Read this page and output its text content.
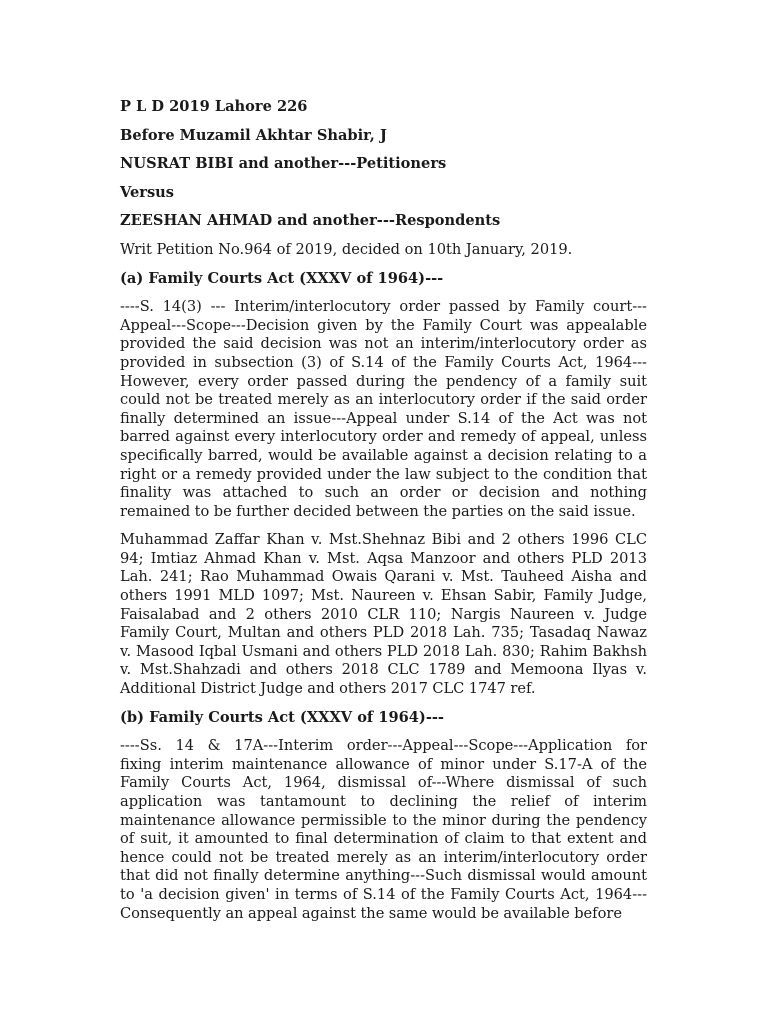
P L D 2019 Lahore 226
Before Muzamil Akhtar Shabir, J
NUSRAT BIBI and another---Petitioners
Versus
ZEESHAN AHMAD and another---Respondents
Writ Petition No.964 of 2019, decided on 10th January, 2019.
(a) Family Courts Act (XXXV of 1964)---

----S. 14(3) --- Interim/interlocutory order passed by Family court---Appeal---Scope---Decision given by the Family Court was appealable provided the said decision was not an interim/interlocutory order as provided in subsection (3) of S.14 of the Family Courts Act, 1964---However, every order passed during the pendency of a family suit could not be treated merely as an interlocutory order if the said order finally determined an issue---Appeal under S.14 of the Act was not barred against every interlocutory order and remedy of appeal, unless specifically barred, would be available against a decision relating to a right or a remedy provided under the law subject to the condition that finality was attached to such an order or decision and nothing remained to be further decided between the parties on the said issue.

Muhammad Zaffar Khan v. Mst.Shehnaz Bibi and 2 others 1996 CLC 94; Imtiaz Ahmad Khan v. Mst. Aqsa Manzoor and others PLD 2013 Lah. 241; Rao Muhammad Owais Qarani v. Mst. Tauheed Aisha and others 1991 MLD 1097; Mst. Naureen v. Ehsan Sabir, Family Judge, Faisalabad and 2 others 2010 CLR 110; Nargis Naureen v. Judge Family Court, Multan and others PLD 2018 Lah. 735; Tasadaq Nawaz v. Masood Iqbal Usmani and others PLD 2018 Lah. 830; Rahim Bakhsh v. Mst.Shahzadi and others 2018 CLC 1789 and Memoona Ilyas v. Additional District Judge and others 2017 CLC 1747 ref.

(b) Family Courts Act (XXXV of 1964)---

----Ss. 14 & 17A---Interim order---Appeal---Scope---Application for fixing interim maintenance allowance of minor under S.17-A of the Family Courts Act, 1964, dismissal of---Where dismissal of such application was tantamount to declining the relief of interim maintenance allowance permissible to the minor during the pendency of suit, it amounted to final determination of claim to that extent and hence could not be treated merely as an interim/interlocutory order that did not finally determine anything---Such dismissal would amount to 'a decision given' in terms of S.14 of the Family Courts Act, 1964---Consequently an appeal against the same would be available before
